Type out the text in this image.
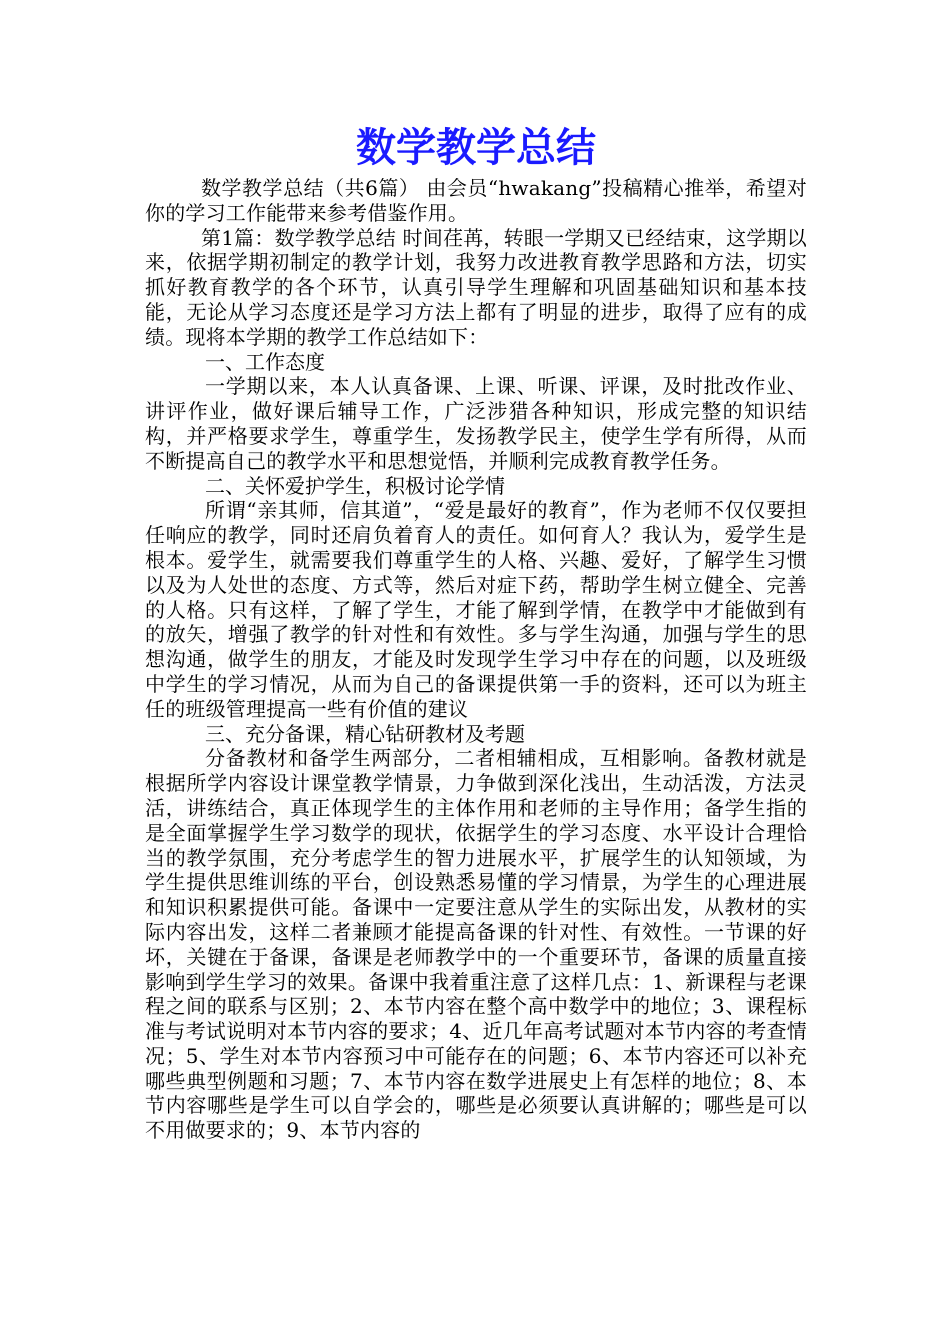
数学教学总结

数学教学总结（共6篇） 由会员“hwakang”投稿精心推举，希望对你的学习工作能带来参考借鉴作用。

第1篇：数学教学总结 时间荏苒，转眼一学期又已经结束，这学期以来，依据学期初制定的教学计划，我努力改进教育教学思路和方法，切实抓好教育教学的各个环节，认真引导学生理解和巩固基础知识和基本技能，无论从学习态度还是学习方法上都有了明显的进步，取得了应有的成绩。现将本学期的教学工作总结如下：

一、工作态度

一学期以来，本人认真备课、上课、听课、评课，及时批改作业、讲评作业，做好课后辅导工作，广泛涉猎各种知识，形成完整的知识结构，并严格要求学生，尊重学生，发扬教学民主，使学生学有所得，从而不断提高自己的教学水平和思想觉悟，并顺利完成教育教学任务。

二、关怀爱护学生，积极讨论学情

所谓“亲其师，信其道”，“爱是最好的教育”，作为老师不仅仅要担任响应的教学，同时还肩负着育人的责任。如何育人？我认为，爱学生是根本。爱学生，就需要我们尊重学生的人格、兴趣、爱好，了解学生习惯以及为人处世的态度、方式等，然后对症下药，帮助学生树立健全、完善的人格。只有这样，了解了学生，才能了解到学情，在教学中才能做到有的放矢，增强了教学的针对性和有效性。多与学生沟通，加强与学生的思想沟通，做学生的朋友，才能及时发现学生学习中存在的问题，以及班级中学生的学习情况，从而为自己的备课提供第一手的资料，还可以为班主任的班级管理提高一些有价值的建议

三、充分备课，精心钻研教材及考题

分备教材和备学生两部分，二者相辅相成，互相影响。备教材就是根据所学内容设计课堂教学情景，力争做到深化浅出，生动活泼，方法灵活，讲练结合，真正体现学生的主体作用和老师的主导作用；备学生指的是全面掌握学生学习数学的现状，依据学生的学习态度、水平设计合理恰当的教学氛围，充分考虑学生的智力进展水平，扩展学生的认知领域，为学生提供思维训练的平台，创设熟悉易懂的学习情景，为学生的心理进展和知识积累提供可能。备课中一定要注意从学生的实际出发，从教材的实际内容出发，这样二者兼顾才能提高备课的针对性、有效性。一节课的好坏，关键在于备课，备课是老师教学中的一个重要环节，备课的质量直接影响到学生学习的效果。备课中我着重注意了这样几点：1、新课程与老课程之间的联系与区别；2、本节内容在整个高中数学中的地位；3、课程标准与考试说明对本节内容的要求；4、近几年高考试题对本节内容的考查情况；5、学生对本节内容预习中可能存在的问题；6、本节内容还可以补充哪些典型例题和习题；7、本节内容在数学进展史上有怎样的地位；8、本节内容哪些是学生可以自学会的，哪些是必须要认真讲解的；哪些是可以不用做要求的；9、本节内容的
